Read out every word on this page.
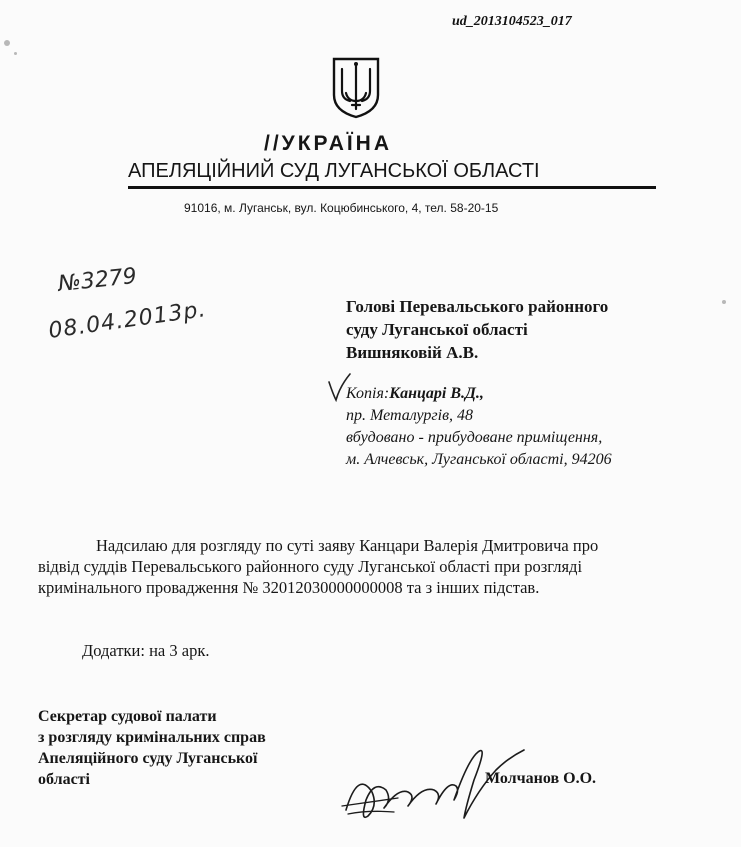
ud_2013104523_017
//УКРАЇНА
АПЕЛЯЦІЙНИЙ СУД ЛУГАНСЬКОЇ ОБЛАСТІ
91016, м. Луганськ, вул. Коцюбинського, 4, тел. 58-20-15
№3279
08.04.2013р.	Голові Перевальського районного
суду Луганської області
Вишняковій А.В.
Копія:Канцарі В.Д.,
пр. Металургів, 48
вбудовано - прибудоване приміщення,
м. Алчевськ, Луганської області, 94206
Надсилаю для розгляду по суті заяву Канцари Валерія Дмитровича про
відвід суддів Перевальського районного суду Луганської області при розгляді
кримінального провадження № 32012030000000008 та з інших підстав.
Додатки: на 3 арк.
Секретар судової палати
з розгляду кримінальних справ
Апеляційного суду Луганської
області	Молчанов О.О.
